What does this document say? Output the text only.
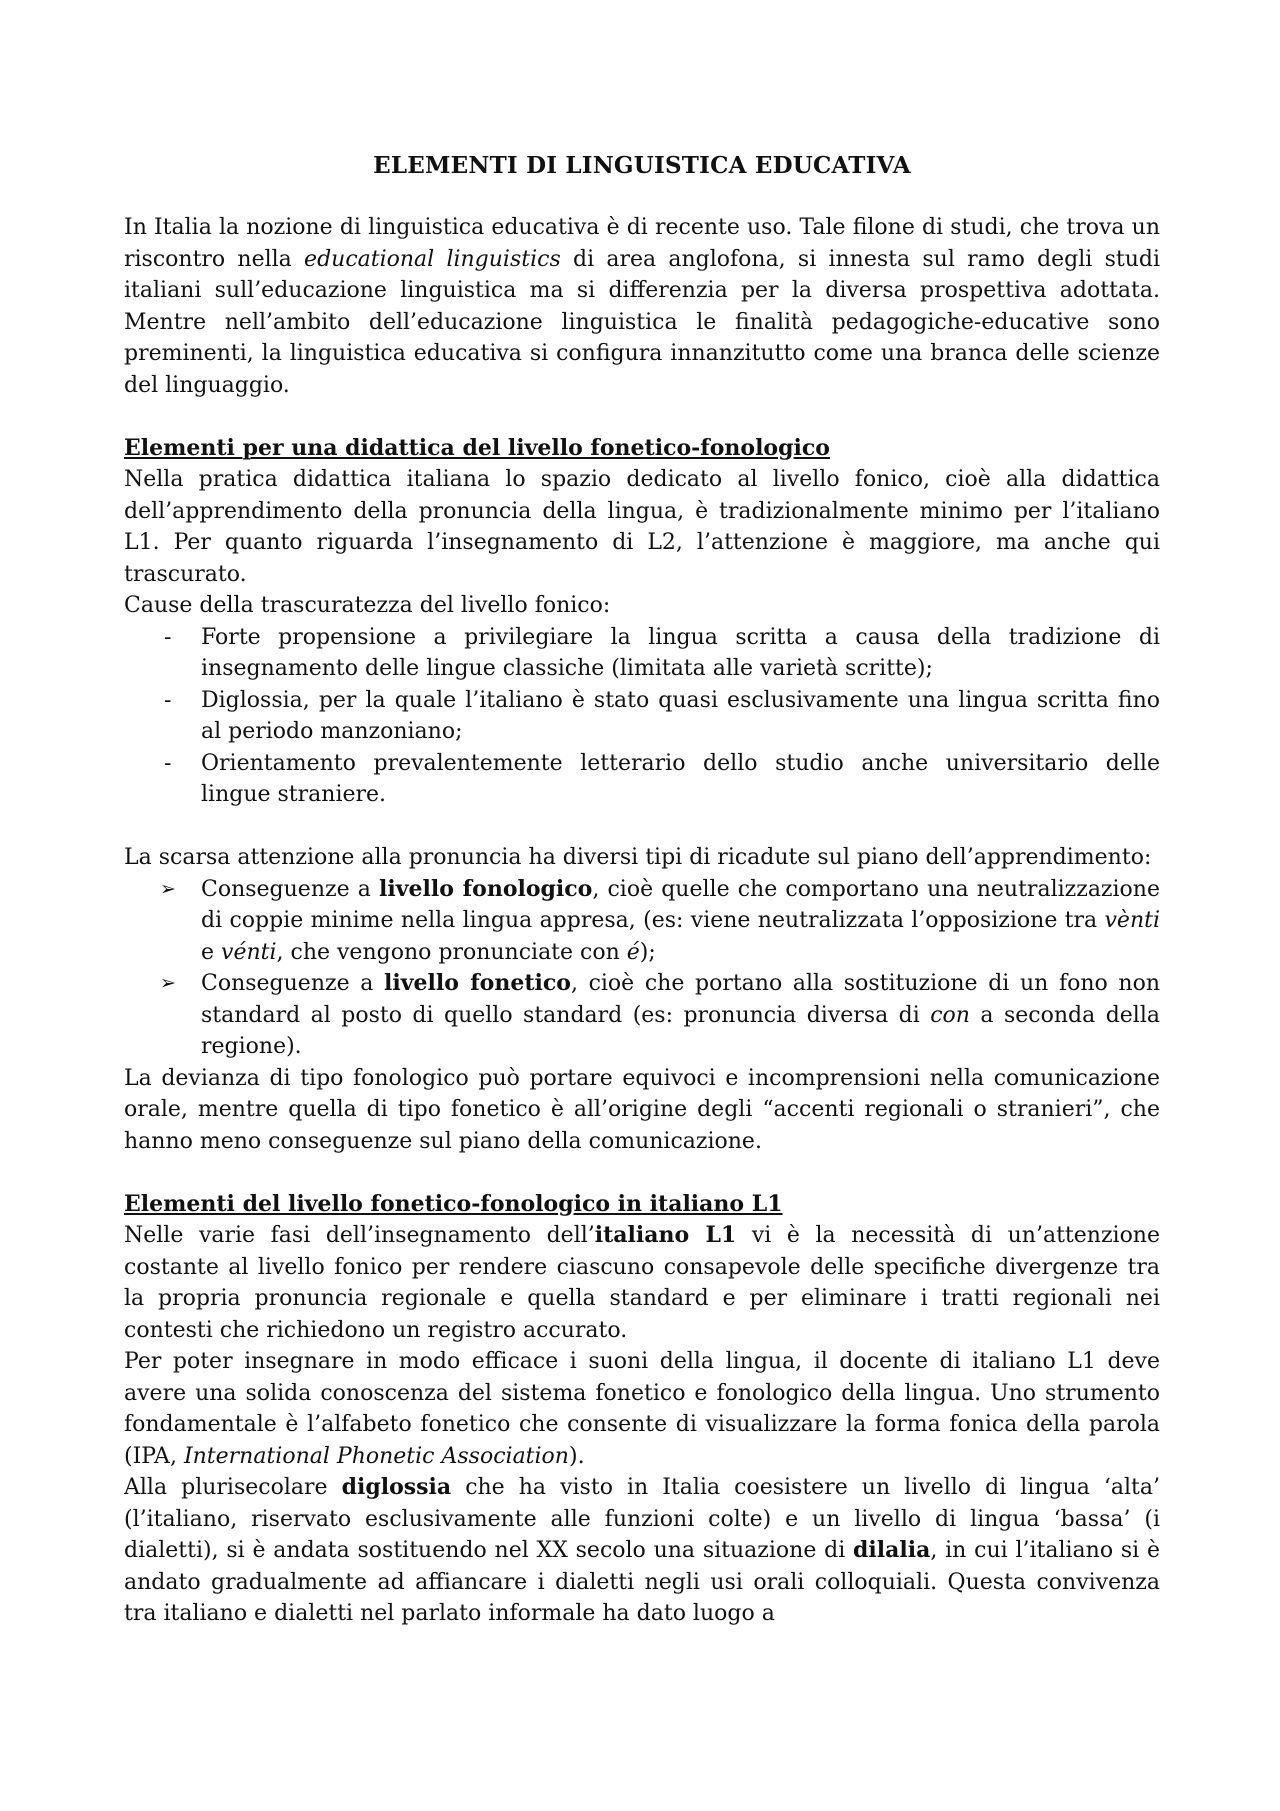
ELEMENTI DI LINGUISTICA EDUCATIVA

In Italia la nozione di linguistica educativa è di recente uso. Tale filone di studi, che trova un riscontro nella educational linguistics di area anglofona, si innesta sul ramo degli studi italiani sull’educazione linguistica ma si differenzia per la diversa prospettiva adottata. Mentre nell’ambito dell’educazione linguistica le finalità pedagogiche-educative sono preminenti, la linguistica educativa si configura innanzitutto come una branca delle scienze del linguaggio.

Elementi per una didattica del livello fonetico-fonologico

Nella pratica didattica italiana lo spazio dedicato al livello fonico, cioè alla didattica dell’apprendimento della pronuncia della lingua, è tradizionalmente minimo per l’italiano L1. Per quanto riguarda l’insegnamento di L2, l’attenzione è maggiore, ma anche qui trascurato.

Cause della trascuratezza del livello fonico:

- Forte propensione a privilegiare la lingua scritta a causa della tradizione di insegnamento delle lingue classiche (limitata alle varietà scritte);
- Diglossia, per la quale l’italiano è stato quasi esclusivamente una lingua scritta fino al periodo manzoniano;
- Orientamento prevalentemente letterario dello studio anche universitario delle lingue straniere.

La scarsa attenzione alla pronuncia ha diversi tipi di ricadute sul piano dell’apprendimento:

➢ Conseguenze a livello fonologico, cioè quelle che comportano una neutralizzazione di coppie minime nella lingua appresa, (es: viene neutralizzata l’opposizione tra vènti e vénti, che vengono pronunciate con é);
➢ Conseguenze a livello fonetico, cioè che portano alla sostituzione di un fono non standard al posto di quello standard (es: pronuncia diversa di con a seconda della regione).

La devianza di tipo fonologico può portare equivoci e incomprensioni nella comunicazione orale, mentre quella di tipo fonetico è all’origine degli “accenti regionali o stranieri”, che hanno meno conseguenze sul piano della comunicazione.

Elementi del livello fonetico-fonologico in italiano L1

Nelle varie fasi dell’insegnamento dell’italiano L1 vi è la necessità di un’attenzione costante al livello fonico per rendere ciascuno consapevole delle specifiche divergenze tra la propria pronuncia regionale e quella standard e per eliminare i tratti regionali nei contesti che richiedono un registro accurato.

Per poter insegnare in modo efficace i suoni della lingua, il docente di italiano L1 deve avere una solida conoscenza del sistema fonetico e fonologico della lingua. Uno strumento fondamentale è l’alfabeto fonetico che consente di visualizzare la forma fonica della parola (IPA, International Phonetic Association).

Alla plurisecolare diglossia che ha visto in Italia coesistere un livello di lingua ‘alta’ (l’italiano, riservato esclusivamente alle funzioni colte) e un livello di lingua ‘bassa’ (i dialetti), si è andata sostituendo nel XX secolo una situazione di dilalia, in cui l’italiano si è andato gradualmente ad affiancare i dialetti negli usi orali colloquiali. Questa convivenza tra italiano e dialetti nel parlato informale ha dato luogo a
